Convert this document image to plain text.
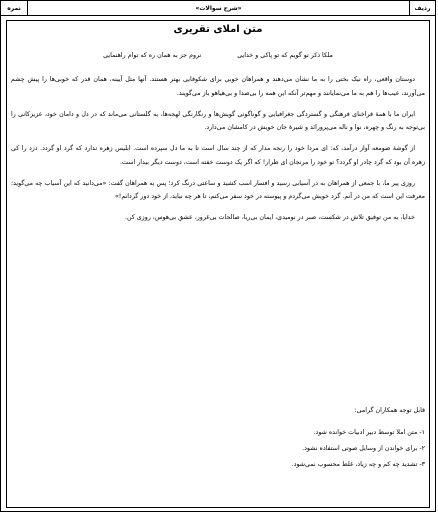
ردیف
«شرح سوالات»
نمره
متن املای تقریری
ملکا ذکر تو گویم که تو پاکی و خدایی
نروم جز به همان ره که توام راهنمایی

دوستان واقعی، راه نیک بختی را به ما نشان می‌دهند و همراهان خوبی برای شکوفایی بهتر هستند. آنها مثل آیینه، همان قدر که خوبی‌ها را پیش چشم می‌آورند، عیب‌ها را هم به ما می‌نمایانند و مهم‌تر آنکه این همه را بی‌صدا و بی‌هیاهو باز می‌گویند.

ایران ما با همهٔ فراخنای فرهنگی و گستردگی جغرافیایی و گوناگونی گویش‌ها و رنگارنگی لهجه‌ها، به گلستانی می‌ماند که در دل و دامان خود، عزیزکانی را بی‌توجه به رنگ و چهره، نوا و ناله می‌پرورانَد و شیرهٔ جان خویش در کامشان می‌دارد.

از گوشهٔ صومعه آواز درآمد، که: ای مردا خود را رنجه مدار که از چند سال است تا به ما دل سپرده است. ابلیس زهره ندارد که گرد او گردد. دزد را کی زهره آن بود که گرد چادر او گردد؟ تو خود را مرنجان ای طرار! که اگر یک دوست خفته است، دوست دیگر بیدار است.

روزی پیر ما، با جمعی از همراهان به در آسیابی رسید و افسار اسب کشید و ساعتی درنگ کرد؛ پس به همراهان گفت: «می‌دانید که این آسیاب چه می‌گوید: معرفت این است که من در آنم. گرد خویش می‌گردم و پیوسته در خود سفر می‌کنم، تا هر چه نباید، از خود دور گردانم!»

خدایا، به من توفیق تلاش در شکست، صبر در نومیدی، ایمان بی‌ریا، صالحات بی‌غرور، عشق بی‌هوس، روزی کن.

قابل توجه همکاران گرامی:
۱- متن املا توسط دبیر ادبیات خوانده شود.
۲- برای خواندن از وسایل صوتی استفاده نشود.
۳- تشدید چه کم و چه زیاد، غلط محسوب نمی‌شود.
